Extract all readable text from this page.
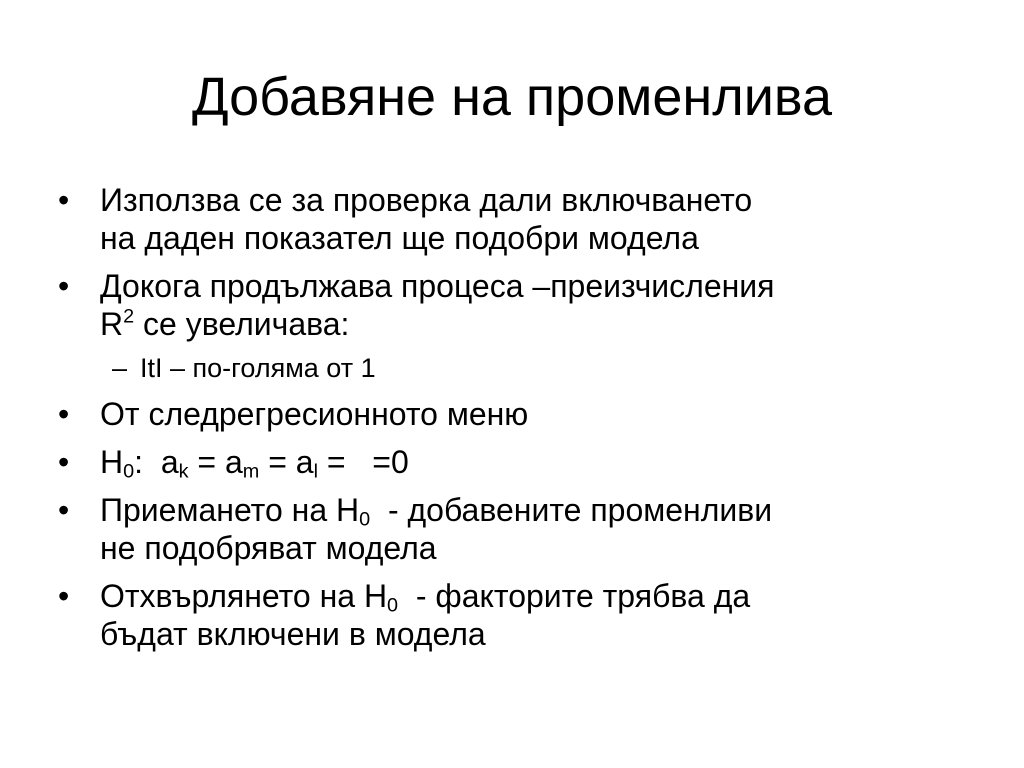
Добавяне на променлива
• Използва се за проверка дали включването
на даден показател ще подобри модела
• Докога продължава процеса –преизчисления
$R^2$ се увеличава:
– ItI – по-голяма от 1
• От следрегресионното меню
• $H_0$:  $a_k = a_m = a_l = =0$
• Приемането на $H_0$  - добавените променливи
не подобряват модела
• Отхвърлянето на $H_0$  - факторите трябва да
бъдат включени в модела
